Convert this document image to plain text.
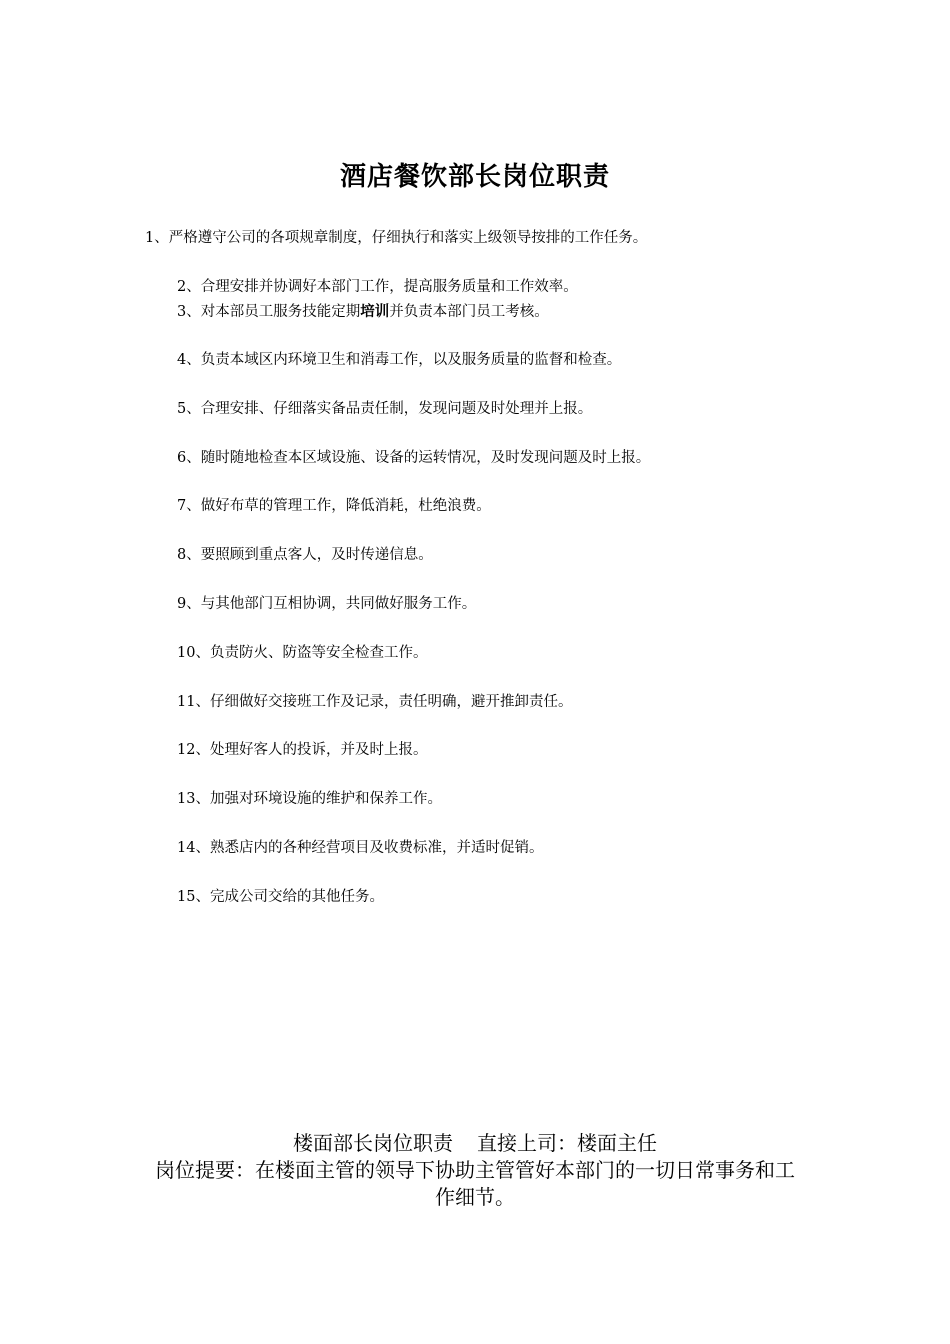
酒店餐饮部长岗位职责
1、严格遵守公司的各项规章制度，仔细执行和落实上级领导按排的工作任务。
2、合理安排并协调好本部门工作，提高服务质量和工作效率。
3、对本部员工服务技能定期培训并负责本部门员工考核。
4、负责本域区内环境卫生和消毒工作，以及服务质量的监督和检查。
5、合理安排、仔细落实备品责任制，发现问题及时处理并上报。
6、随时随地检查本区域设施、设备的运转情况，及时发现问题及时上报。
7、做好布草的管理工作，降低消耗，杜绝浪费。
8、要照顾到重点客人，及时传递信息。
9、与其他部门互相协调，共同做好服务工作。
10、负责防火、防盗等安全检查工作。
11、仔细做好交接班工作及记录，责任明确，避开推卸责任。
12、处理好客人的投诉，并及时上报。
13、加强对环境设施的维护和保养工作。
14、熟悉店内的各种经营项目及收费标准，并适时促销。
15、完成公司交给的其他任务。
楼面部长岗位职责 直接上司：楼面主任
岗位提要：在楼面主管的领导下协助主管管好本部门的一切日常事务和工作细节。
